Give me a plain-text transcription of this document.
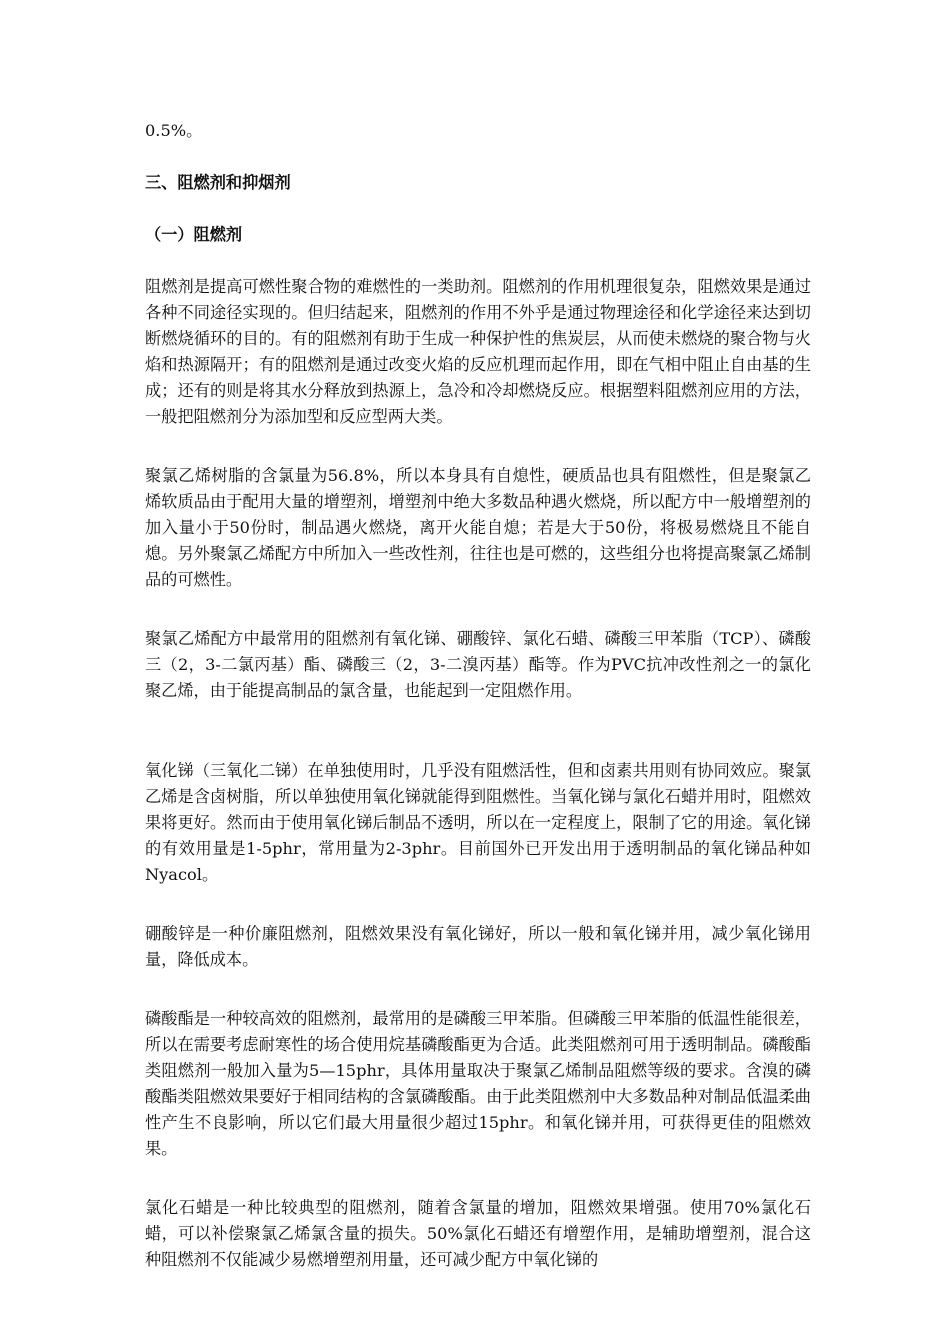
0.5%。

三、阻燃剂和抑烟剂
（一）阻燃剂

阻燃剂是提高可燃性聚合物的难燃性的一类助剂。阻燃剂的作用机理很复杂，阻燃效果是通过各种不同途径实现的。但归结起来，阻燃剂的作用不外乎是通过物理途径和化学途径来达到切断燃烧循环的目的。有的阻燃剂有助于生成一种保护性的焦炭层，从而使未燃烧的聚合物与火焰和热源隔开；有的阻燃剂是通过改变火焰的反应机理而起作用，即在气相中阻止自由基的生成；还有的则是将其水分释放到热源上，急冷和冷却燃烧反应。根据塑料阻燃剂应用的方法，一般把阻燃剂分为添加型和反应型两大类。

聚氯乙烯树脂的含氯量为56.8%，所以本身具有自熄性，硬质品也具有阻燃性，但是聚氯乙烯软质品由于配用大量的增塑剂，增塑剂中绝大多数品种遇火燃烧，所以配方中一般增塑剂的加入量小于50份时，制品遇火燃烧，离开火能自熄；若是大于50份，将极易燃烧且不能自熄。另外聚氯乙烯配方中所加入一些改性剂，往往也是可燃的，这些组分也将提高聚氯乙烯制品的可燃性。

聚氯乙烯配方中最常用的阻燃剂有氧化锑、硼酸锌、氯化石蜡、磷酸三甲苯脂（TCP）、磷酸三（2，3-二氯丙基）酯、磷酸三（2，3-二溴丙基）酯等。作为PVC抗冲改性剂之一的氯化聚乙烯，由于能提高制品的氯含量，也能起到一定阻燃作用。

氧化锑（三氧化二锑）在单独使用时，几乎没有阻燃活性，但和卤素共用则有协同效应。聚氯乙烯是含卤树脂，所以单独使用氧化锑就能得到阻燃性。当氧化锑与氯化石蜡并用时，阻燃效果将更好。然而由于使用氧化锑后制品不透明，所以在一定程度上，限制了它的用途。氧化锑的有效用量是1-5phr，常用量为2-3phr。目前国外已开发出用于透明制品的氧化锑品种如Nyacol。

硼酸锌是一种价廉阻燃剂，阻燃效果没有氧化锑好，所以一般和氧化锑并用，减少氧化锑用量，降低成本。

磷酸酯是一种较高效的阻燃剂，最常用的是磷酸三甲苯脂。但磷酸三甲苯脂的低温性能很差，所以在需要考虑耐寒性的场合使用烷基磷酸酯更为合适。此类阻燃剂可用于透明制品。磷酸酯类阻燃剂一般加入量为5—15phr，具体用量取决于聚氯乙烯制品阻燃等级的要求。含溴的磷酸酯类阻燃效果要好于相同结构的含氯磷酸酯。由于此类阻燃剂中大多数品种对制品低温柔曲性产生不良影响，所以它们最大用量很少超过15phr。和氧化锑并用，可获得更佳的阻燃效果。

氯化石蜡是一种比较典型的阻燃剂，随着含氯量的增加，阻燃效果增强。使用70%氯化石蜡，可以补偿聚氯乙烯氯含量的损失。50%氯化石蜡还有增塑作用，是辅助增塑剂，混合这种阻燃剂不仅能减少易燃增塑剂用量，还可减少配方中氧化锑的
